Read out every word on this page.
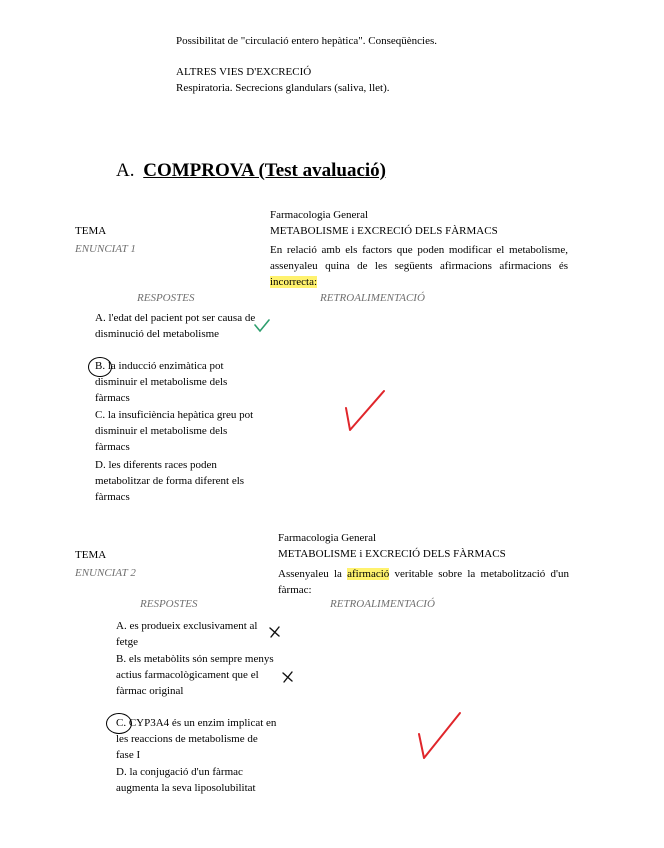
Possibilitat de "circulació entero hepàtica". Conseqüències.
ALTRES VIES D'EXCRECIÓ
Respiratoria. Secrecions glandulars (saliva, llet).
A. COMPROVA (Test avaluació)
Farmacologia General
TEMA	METABOLISME i EXCRECIÓ DELS FÀRMACS
ENUNCIAT 1	En relació amb els factors que poden modificar el metabolisme, assenyaleu quina de les següents afirmacions afirmacions és incorrecta:
RESPOSTES	RETROALIMENTACIÓ
A. l'edat del pacient pot ser causa de disminució del metabolisme
B. la inducció enzimàtica pot disminuir el metabolisme dels fàrmacs
C. la insuficiència hepàtica greu pot disminuir el metabolisme dels fàrmacs
D. les diferents races poden metabolitzar de forma diferent els fàrmacs
Farmacologia General
TEMA	METABOLISME i EXCRECIÓ DELS FÀRMACS
ENUNCIAT 2	Assenyaleu la afirmació veritable sobre la metabolització d'un fàrmac:
RESPOSTES	RETROALIMENTACIÓ
A. es produeix exclusivament al fetge
B. els metabòlits són sempre menys actius farmacològicament que el fàrmac original
C. CYP3A4 és un enzim implicat en les reaccions de metabolisme de fase I
D. la conjugació d'un fàrmac augmenta la seva liposolubilitat
